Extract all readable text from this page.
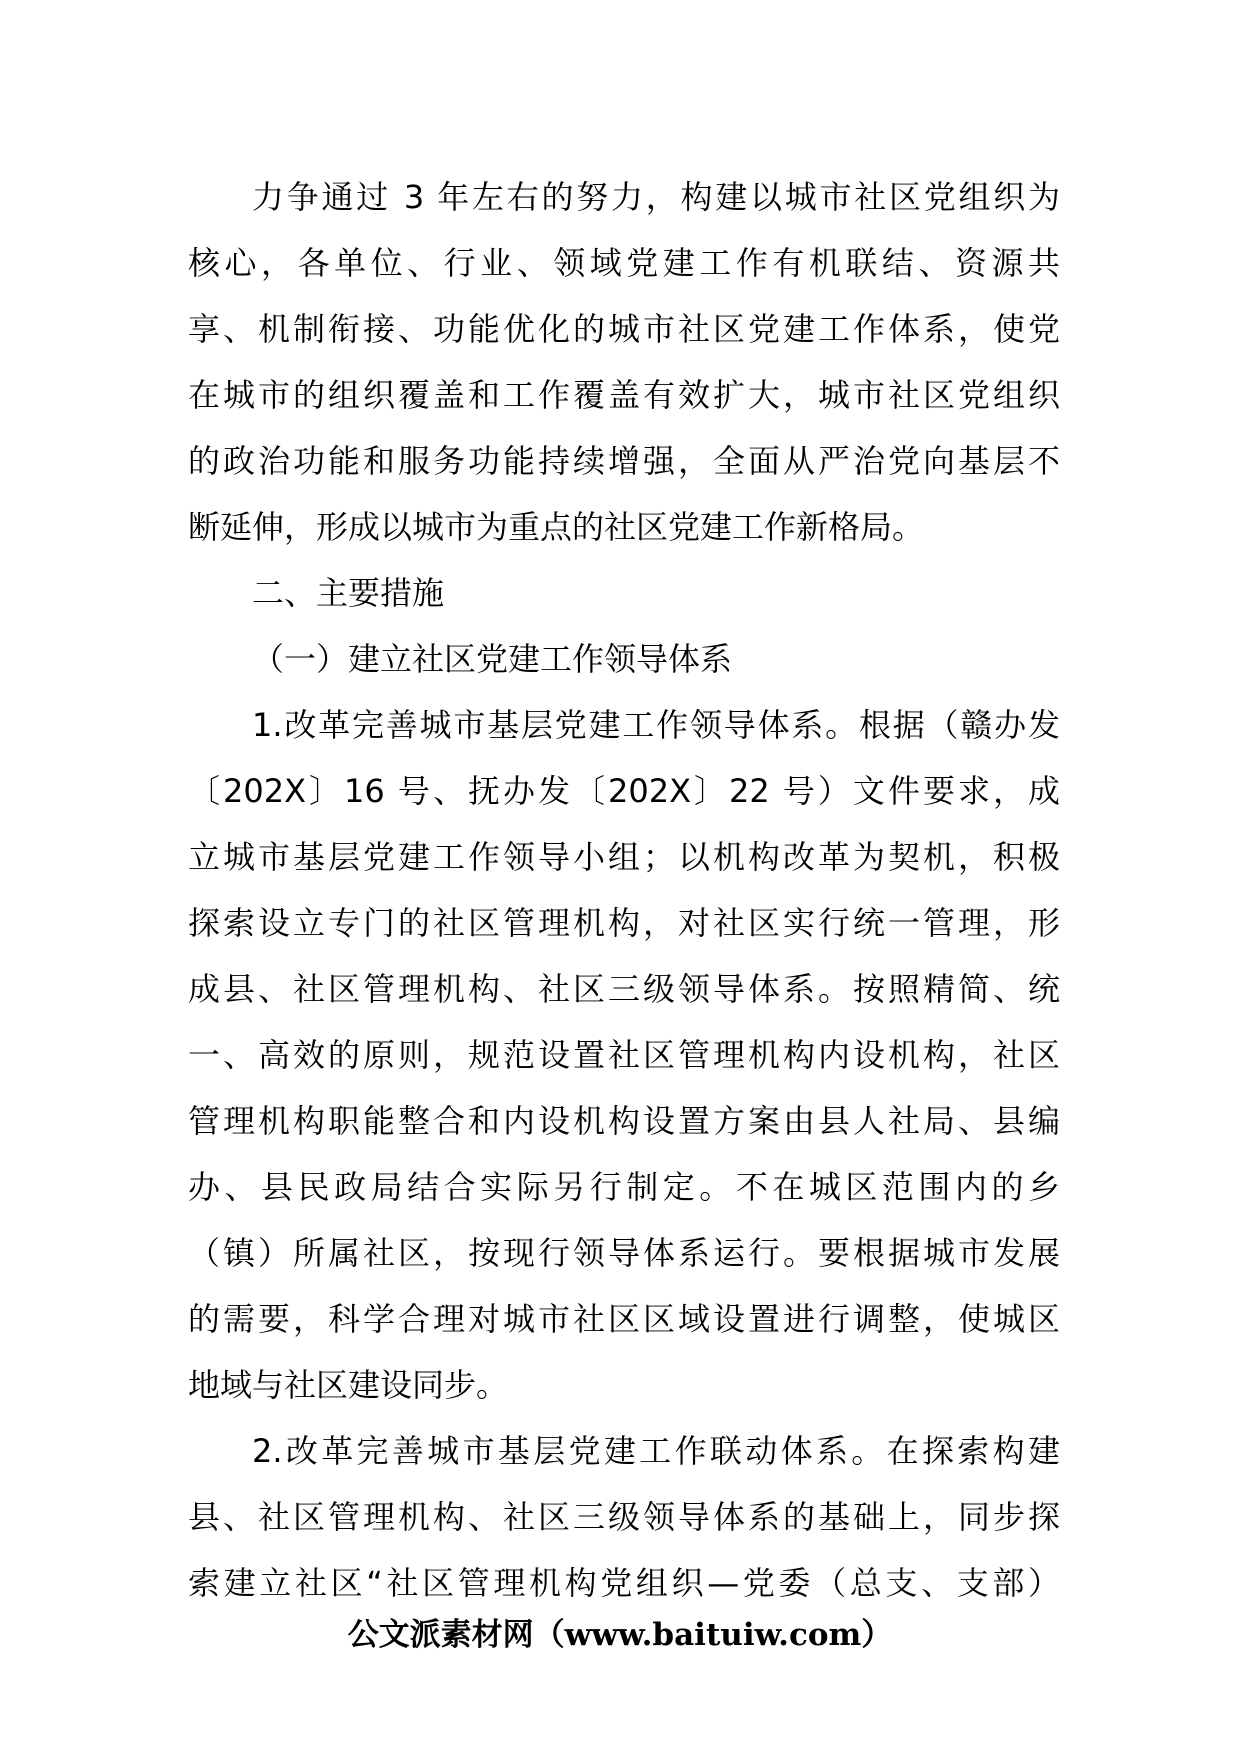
力争通过 3 年左右的努力，构建以城市社区党组织为
核心，各单位、行业、领域党建工作有机联结、资源共
享、机制衔接、功能优化的城市社区党建工作体系，使党
在城市的组织覆盖和工作覆盖有效扩大，城市社区党组织
的政治功能和服务功能持续增强，全面从严治党向基层不
断延伸，形成以城市为重点的社区党建工作新格局。
二、主要措施
（一）建立社区党建工作领导体系
1.改革完善城市基层党建工作领导体系。根据（赣办发
〔202X〕16 号、抚办发〔202X〕22 号）文件要求，成
立城市基层党建工作领导小组；以机构改革为契机，积极
探索设立专门的社区管理机构，对社区实行统一管理，形
成县、社区管理机构、社区三级领导体系。按照精简、统
一、高效的原则，规范设置社区管理机构内设机构，社区
管理机构职能整合和内设机构设置方案由县人社局、县编
办、县民政局结合实际另行制定。不在城区范围内的乡
（镇）所属社区，按现行领导体系运行。要根据城市发展
的需要，科学合理对城市社区区域设置进行调整，使城区
地域与社区建设同步。
2.改革完善城市基层党建工作联动体系。在探索构建
县、社区管理机构、社区三级领导体系的基础上，同步探
索建立社区“社区管理机构党组织—党委（总支、支部）
公文派素材网（www.baituiw.com）
